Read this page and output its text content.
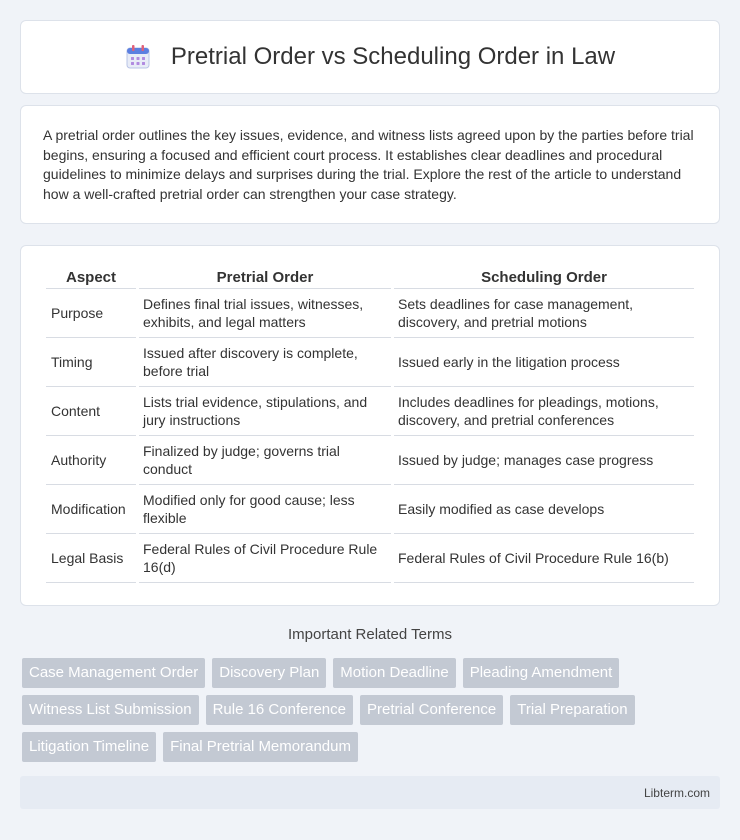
Pretrial Order vs Scheduling Order in Law

A pretrial order outlines the key issues, evidence, and witness lists agreed upon by the parties before trial begins, ensuring a focused and efficient court process. It establishes clear deadlines and procedural guidelines to minimize delays and surprises during the trial. Explore the rest of the article to understand how a well-crafted pretrial order can strengthen your case strategy.

Aspect	Pretrial Order	Scheduling Order
Purpose	Defines final trial issues, witnesses, exhibits, and legal matters	Sets deadlines for case management, discovery, and pretrial motions
Timing	Issued after discovery is complete, before trial	Issued early in the litigation process
Content	Lists trial evidence, stipulations, and jury instructions	Includes deadlines for pleadings, motions, discovery, and pretrial conferences
Authority	Finalized by judge; governs trial conduct	Issued by judge; manages case progress
Modification	Modified only for good cause; less flexible	Easily modified as case develops
Legal Basis	Federal Rules of Civil Procedure Rule 16(d)	Federal Rules of Civil Procedure Rule 16(b)
Important Related Terms
Case Management Order	Discovery Plan	Motion Deadline	Pleading Amendment
Witness List Submission	Rule 16 Conference	Pretrial Conference	Trial Preparation
Litigation Timeline	Final Pretrial Memorandum
Libterm.com
